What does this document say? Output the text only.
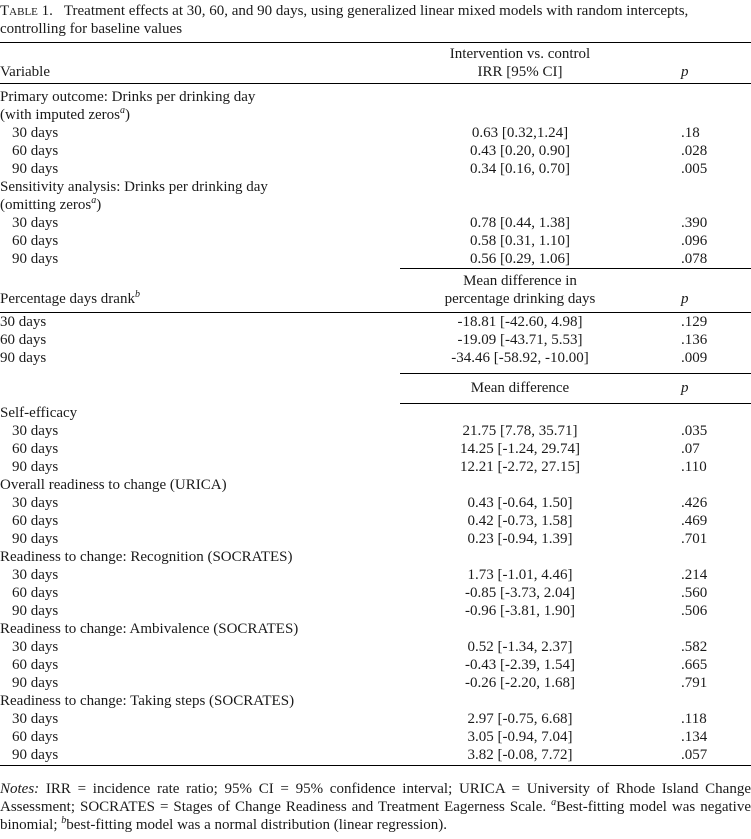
Table 1. Treatment effects at 30, 60, and 90 days, using generalized linear mixed models with random intercepts, controlling for baseline values
	Intervention vs. control	
Variable	IRR [95% CI]	p

Primary outcome: Drinks per drinking day		
(with imputed zeros$^a$)		
30 days	0.63 [0.32,1.24]	.18
60 days	0.43 [0.20, 0.90]	.028
90 days	0.34 [0.16, 0.70]	.005
Sensitivity analysis: Drinks per drinking day		
(omitting zeros$^a$)		
30 days	0.78 [0.44, 1.38]	.390
60 days	0.58 [0.31, 1.10]	.096
90 days	0.56 [0.29, 1.06]	.078
	Mean difference in	
Percentage days drank$^b$	percentage drinking days	p
30 days	-18.81 [-42.60, 4.98]	.129
60 days	-19.09 [-43.71, 5.53]	.136
90 days	-34.46 [-58.92, -10.00]	.009

	Mean difference	p
Self-efficacy		
30 days	21.75 [7.78, 35.71]	.035
60 days	14.25 [-1.24, 29.74]	.07
90 days	12.21 [-2.72, 27.15]	.110
Overall readiness to change (URICA)		
30 days	0.43 [-0.64, 1.50]	.426
60 days	0.42 [-0.73, 1.58]	.469
90 days	0.23 [-0.94, 1.39]	.701
Readiness to change: Recognition (SOCRATES)		
30 days	1.73 [-1.01, 4.46]	.214
60 days	-0.85 [-3.73, 2.04]	.560
90 days	-0.96 [-3.81, 1.90]	.506
Readiness to change: Ambivalence (SOCRATES)		
30 days	0.52 [-1.34, 2.37]	.582
60 days	-0.43 [-2.39, 1.54]	.665
90 days	-0.26 [-2.20, 1.68]	.791
Readiness to change: Taking steps (SOCRATES)		
30 days	2.97 [-0.75, 6.68]	.118
60 days	3.05 [-0.94, 7.04]	.134
90 days	3.82 [-0.08, 7.72]	.057
Notes: IRR = incidence rate ratio; 95% CI = 95% confidence interval; URICA = University of Rhode Island Change Assessment; SOCRATES = Stages of Change Readiness and Treatment Eagerness Scale. $^a$Best-fitting model was negative binomial; $^b$best-fitting model was a normal distribution (linear regression).
